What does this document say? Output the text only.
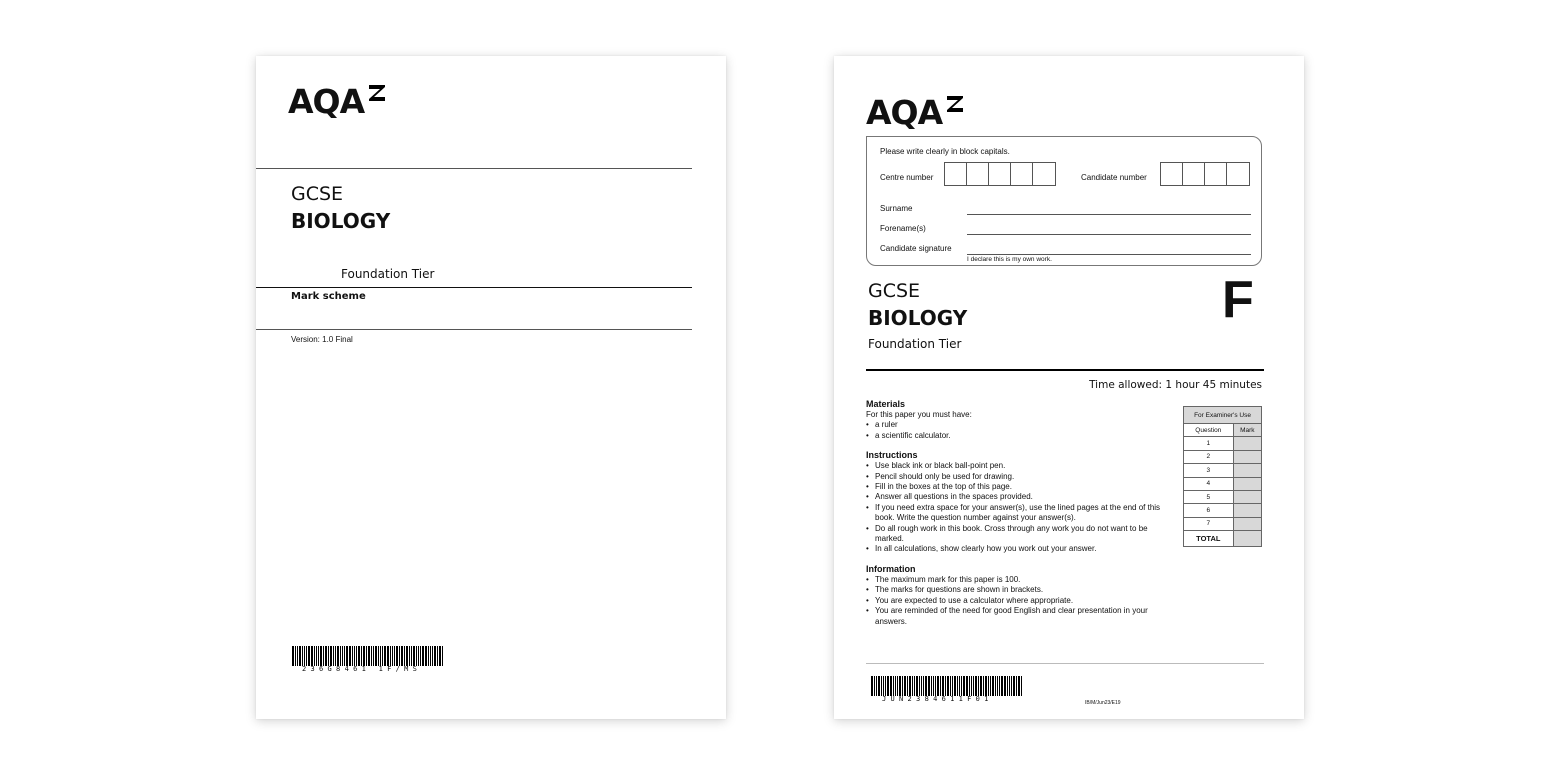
AQA
GCSE
BIOLOGY
Foundation Tier
Mark scheme
Version: 1.0 Final
236G8461 1F/MS
AQA
Please write clearly in block capitals.
Centre number	Candidate number
Surname
Forename(s)
Candidate signature
I declare this is my own work.
GCSE
BIOLOGY
Foundation Tier
F
Time allowed: 1 hour 45 minutes
Materials
For this paper you must have:
• a ruler
• a scientific calculator.
Instructions
• Use black ink or black ball-point pen.
• Pencil should only be used for drawing.
• Fill in the boxes at the top of this page.
• Answer all questions in the spaces provided.
• If you need extra space for your answer(s), use the lined pages at the end of this book. Write the question number against your answer(s).
• Do all rough work in this book. Cross through any work you do not want to be marked.
• In all calculations, show clearly how you work out your answer.
Information
• The maximum mark for this paper is 100.
• The marks for questions are shown in brackets.
• You are expected to use a calculator where appropriate.
• You are reminded of the need for good English and clear presentation in your answers.
For Examiner's Use	
Question	Mark
1	
2	
3	
4	
5	
6	
7	
TOTAL	
JUN2384611F01	IB/M/Jun23/E19
